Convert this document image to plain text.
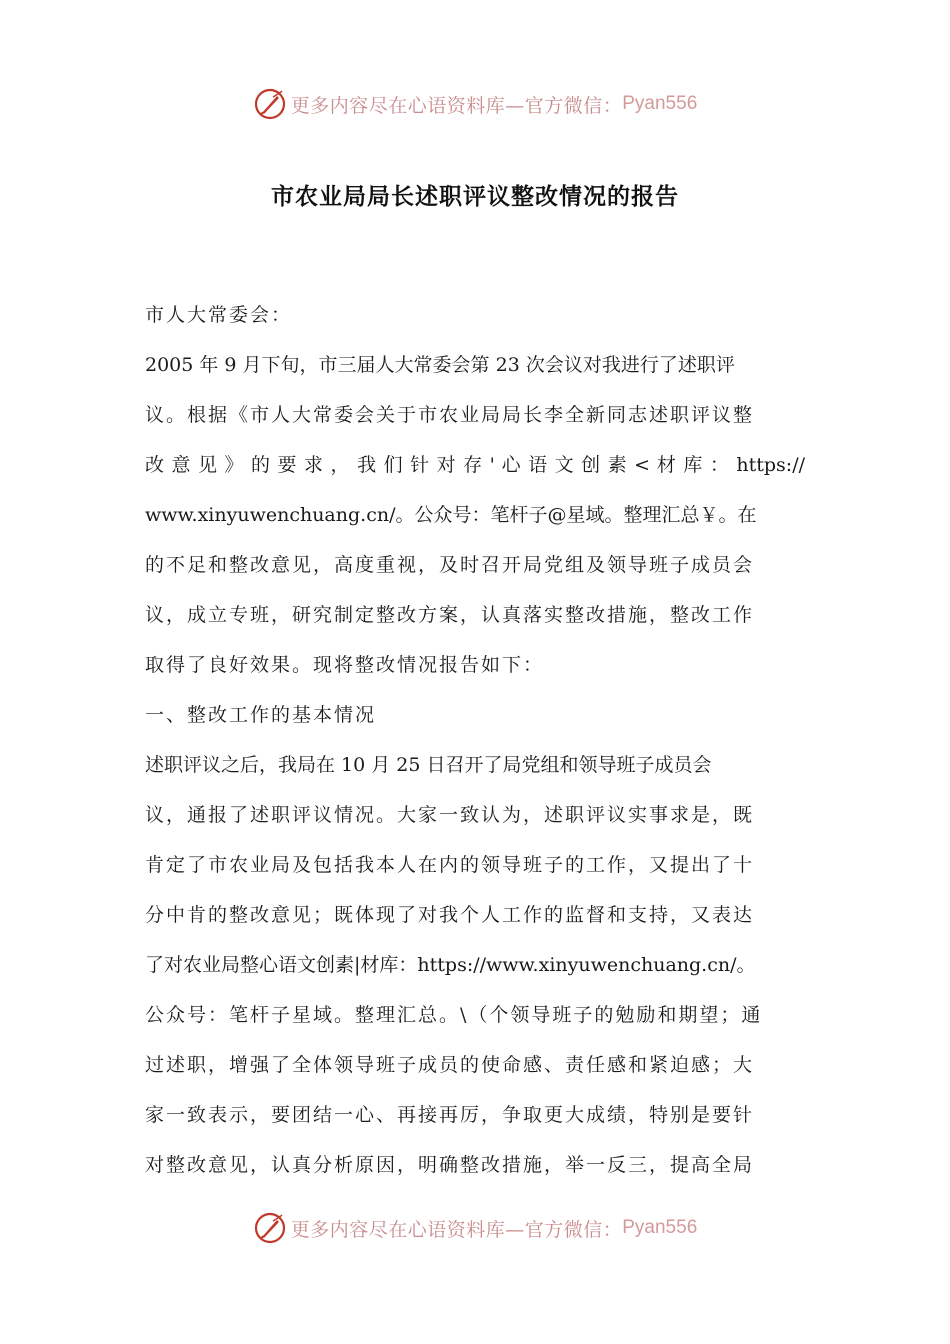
更多内容尽在心语资料库—官方微信： Pyan556
市农业局局长述职评议整改情况的报告
市人大常委会：
2005 年 9 月下旬，市三届人大常委会第 23 次会议对我进行了述职评
议。根据《市人大常委会关于市农业局局长李全新同志述职评议整
改 意 见 》 的 要 求 ， 我 们 针 对 存 ' 心 语 文 创 素 < 材 库 ： https://
www.xinyuwenchuang.cn/。公众号：笔杆子@星域。整理汇总￥。在
的不足和整改意见，高度重视，及时召开局党组及领导班子成员会
议，成立专班，研究制定整改方案，认真落实整改措施，整改工作
取得了良好效果。现将整改情况报告如下：
一、整改工作的基本情况
述职评议之后，我局在 10 月 25 日召开了局党组和领导班子成员会
议，通报了述职评议情况。大家一致认为，述职评议实事求是，既
肯定了市农业局及包括我本人在内的领导班子的工作，又提出了十
分中肯的整改意见；既体现了对我个人工作的监督和支持，又表达
了对农业局整心语文创素|材库：https://www.xinyuwenchuang.cn/。
公众号：笔杆子星域。整理汇总。\（个领导班子的勉励和期望；通
过述职，增强了全体领导班子成员的使命感、责任感和紧迫感；大
家一致表示，要团结一心、再接再厉，争取更大成绩，特别是要针
对整改意见，认真分析原因，明确整改措施，举一反三，提高全局
更多内容尽在心语资料库—官方微信： Pyan556
